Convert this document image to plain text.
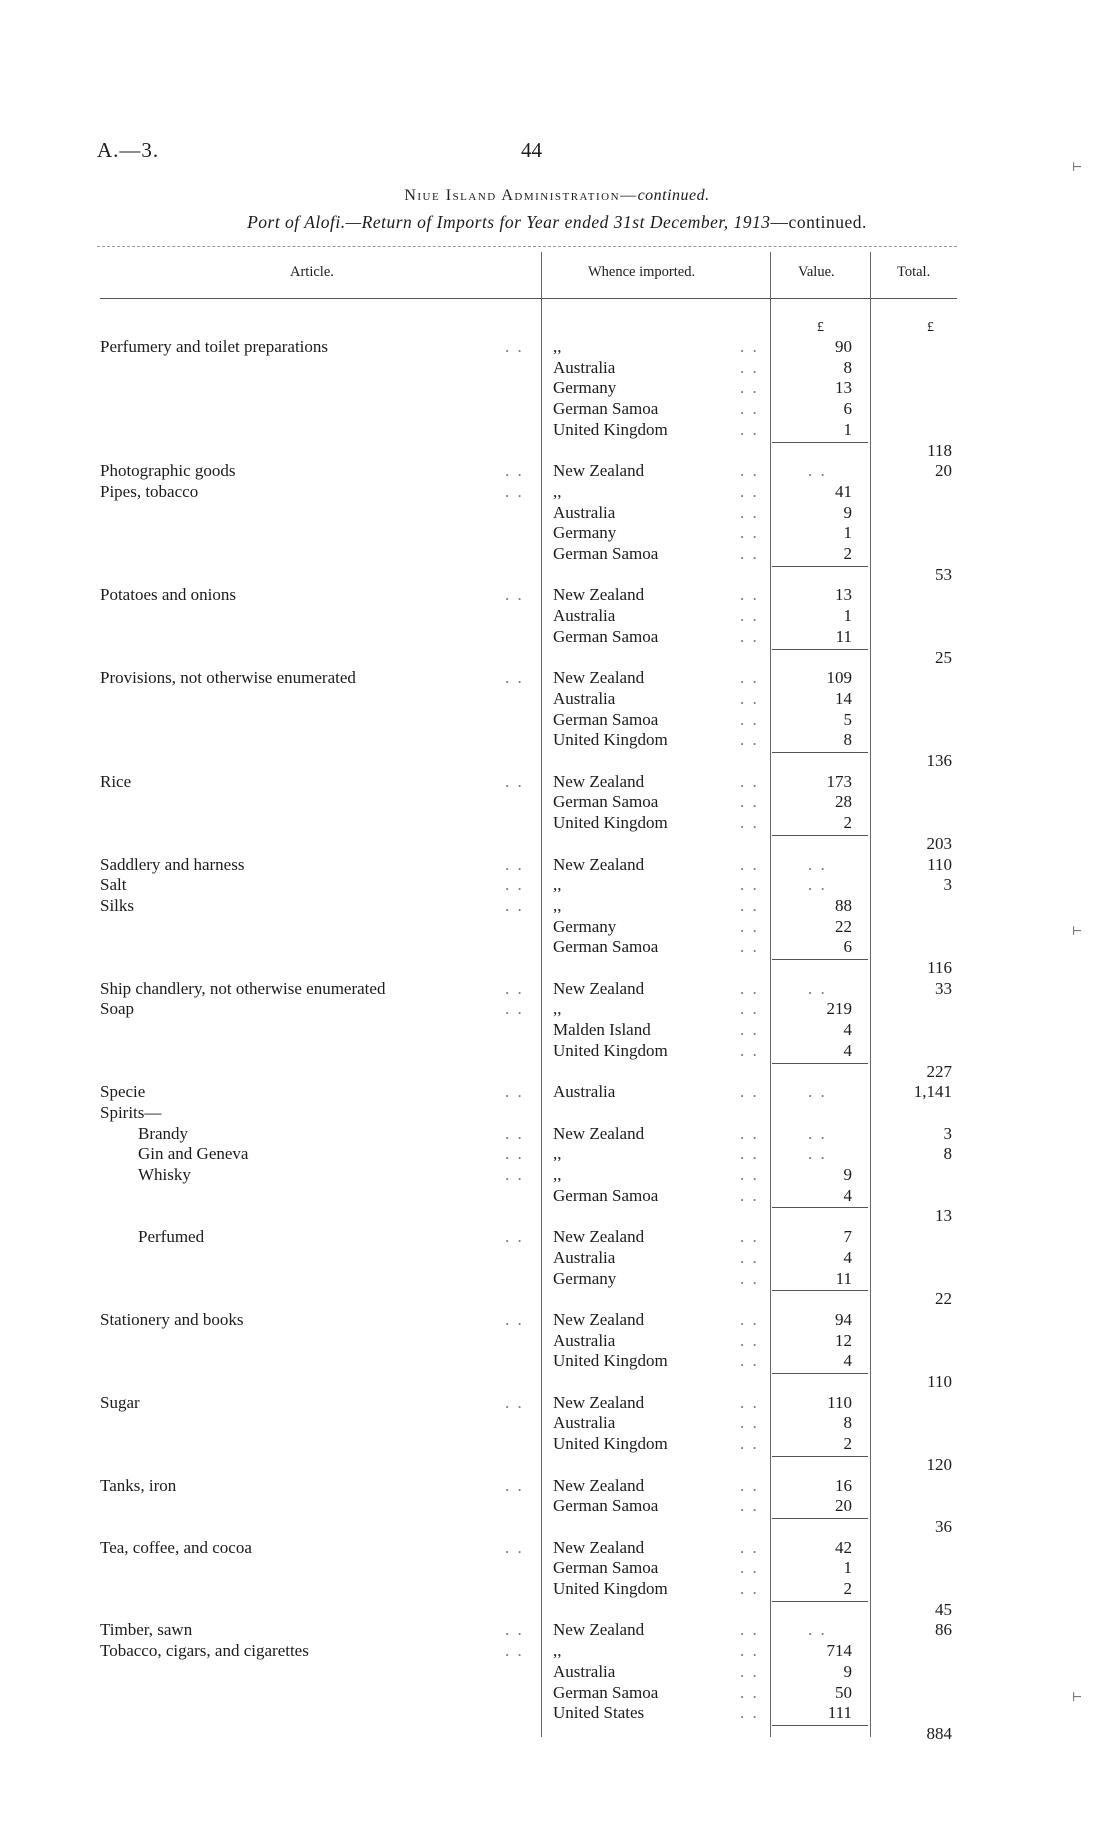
A.—3.	44
Niue Island Administration—continued.
Port of Alofi.—Return of Imports for Year ended 31st December, 1913—continued.
Article.	Whence imported.	Value.	Total.
£	£
Perfumery and toilet preparations	. . ,,	. .	90
Australia	. .	8
Germany	. .	13
German Samoa	. .	6
United Kingdom	. .	1
118
Photographic goods	. . New Zealand	. .	. .	20
Pipes, tobacco	. . ,,	. .	41
Australia	. .	9
Germany	. .	1
German Samoa	. .	2
53
Potatoes and onions	. . New Zealand	. .	13
Australia	. .	1
German Samoa	. .	11
25
Provisions, not otherwise enumerated	. . New Zealand	. .	109
Australia	. .	14
German Samoa	. .	5
United Kingdom	. .	8
136
Rice	. . New Zealand	. .	173
German Samoa	. .	28
United Kingdom	. .	2
203
Saddlery and harness	. . New Zealand	. .	. .	110
Salt	. . ,,	. .	. .	3
Silks	. . ,,	. .	88
Germany	. .	22
German Samoa	. .	6
116
Ship chandlery, not otherwise enumerated	. . New Zealand	. .	. .	33
Soap	. . ,,	. .	219
Malden Island	. .	4
United Kingdom	. .	4
227
Specie	. . Australia	. .	. .	1,141
Spirits—
Brandy	. . New Zealand	. .	. .	3
Gin and Geneva	. . ,,	. .	. .	8
Whisky	. . ,,	. .	9
German Samoa	. .	4
13
Perfumed	. . New Zealand	. .	7
Australia	. .	4
Germany	. .	11
22
Stationery and books	. . New Zealand	. .	94
Australia	. .	12
United Kingdom	. .	4
110
Sugar	. . New Zealand	. .	110
Australia	. .	8
United Kingdom	. .	2
120
Tanks, iron	. . New Zealand	. .	16
German Samoa	. .	20
36
Tea, coffee, and cocoa	. . New Zealand	. .	42
German Samoa	. .	1
United Kingdom	. .	2
45
Timber, sawn	. . New Zealand	. .	. .	86
Tobacco, cigars, and cigarettes	. . ,,	. .	714
Australia	. .	9
German Samoa	. .	50
United States	. .	111
884
⊢
⊢
⊢
